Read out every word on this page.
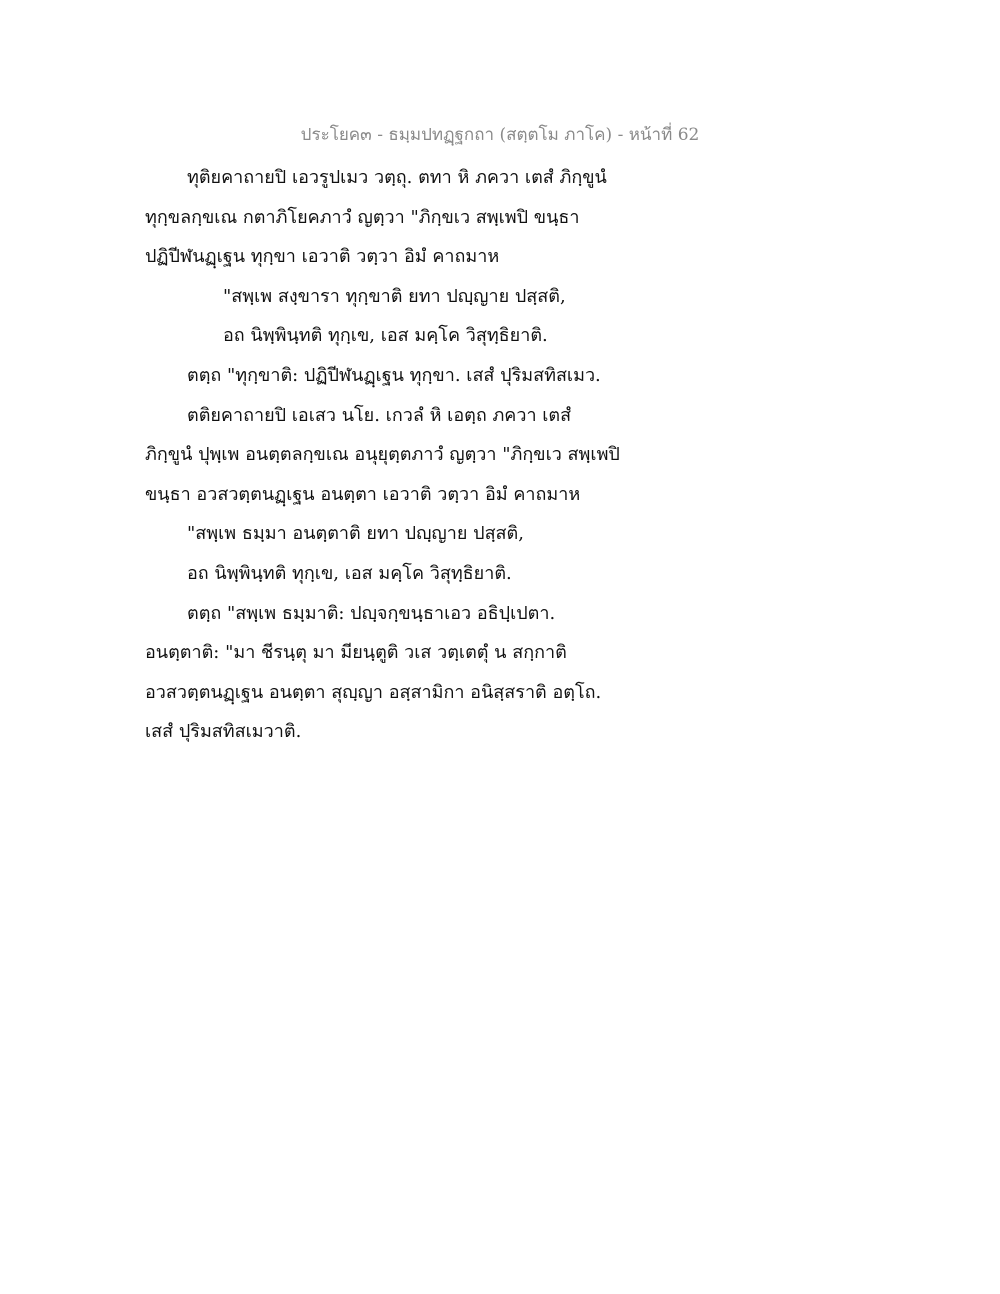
ประโยค๓ - ธมฺมปทฏฺฐกถา (สตฺตโม ภาโค) - หน้าที่ 62
ทุติยคาถายปิ เอวรูปเมว วตฺถุ. ตทา หิ ภควา เตสํ ภิกฺขูนํ
ทุกฺขลกฺขเณ กตาภิโยคภาวํ ญตฺวา "ภิกฺขเว สพฺเพปิ ขนฺธา
ปฏิปีฬนฏฺเฐน ทุกฺขา เอวาติ วตฺวา อิมํ คาถมาห
"สพฺเพ สงฺขารา ทุกฺขาติ ยทา ปญฺญาย ปสฺสติ,
อถ นิพฺพินฺทติ ทุกฺเข, เอส มคฺโค วิสุทฺธิยาติ.
ตตฺถ "ทุกฺขาติ: ปฏิปีฬนฏฺเฐน ทุกฺขา. เสสํ ปุริมสทิสเมว.
ตติยคาถายปิ เอเสว นโย. เกวลํ หิ เอตฺถ ภควา เตสํ
ภิกฺขูนํ ปุพฺเพ อนตฺตลกฺขเณ อนุยุตฺตภาวํ ญตฺวา "ภิกฺขเว สพฺเพปิ
ขนฺธา อวสวตฺตนฏฺเฐน อนตฺตา เอวาติ วตฺวา อิมํ คาถมาห
"สพฺเพ ธมฺมา อนตฺตาติ ยทา ปญฺญาย ปสฺสติ,
อถ นิพฺพินฺทติ ทุกฺเข, เอส มคฺโค วิสุทฺธิยาติ.
ตตฺถ "สพฺเพ ธมฺมาติ: ปญฺจกฺขนฺธาเอว อธิปฺเปตา.
อนตฺตาติ: "มา ชีรนฺตุ มา มียนฺตูติ วเส วตฺเตตุํ น สกฺกาติ
อวสวตฺตนฏฺเฐน อนตฺตา สุญฺญา อสฺสามิกา อนิสฺสราติ อตฺโถ.
เสสํ ปุริมสทิสเมวาติ.
